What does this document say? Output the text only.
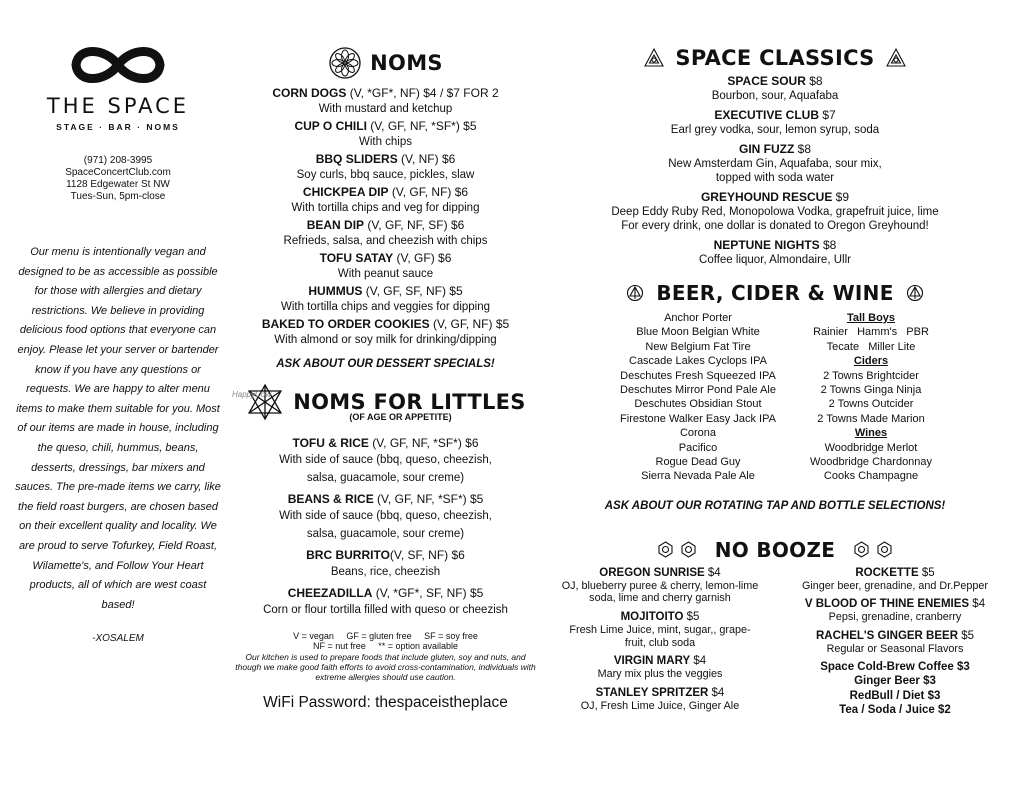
THE SPACE
STAGE · BAR · NOMS
(971) 208-3995
SpaceConcertClub.com
1128 Edgewater St NW
Tues-Sun, 5pm-close
Our menu is intentionally vegan and designed to be as accessible as possible for those with allergies and dietary restrictions. We believe in providing delicious food options that everyone can enjoy. Please let your server or bartender know if you have any questions or requests. We are happy to alter menu items to make them suitable for you. Most of our items are made in house, including the queso, chili, hummus, beans, desserts, dressings, bar mixers and sauces. The pre-made items we carry, like the field roast burgers, are chosen based on their excellent quality and locality. We are proud to serve Tofurkey, Field Roast, Wilamette's, and Follow Your Heart products, all of which are west coast based!
-XOSALEM
NOMS
CORN DOGS (V, *GF*, NF) $4 / $7 FOR 2
With mustard and ketchup
CUP O CHILI (V, GF, NF, *SF*) $5
With chips
BBQ SLIDERS (V, NF) $6
Soy curls, bbq sauce, pickles, slaw
CHICKPEA DIP (V, GF, NF) $6
With tortilla chips and veg for dipping
BEAN DIP (V, GF, NF, SF) $6
Refrieds, salsa, and cheezish with chips
TOFU SATAY (V, GF) $6
With peanut sauce
HUMMUS (V, GF, SF, NF) $5
With tortilla chips and veggies for dipping
BAKED TO ORDER COOKIES (V, GF, NF) $5
With almond or soy milk for drinking/dipping
ASK ABOUT OUR DESSERT SPECIALS!
NOMS FOR LITTLES
(OF AGE OR APPETITE)
TOFU & RICE (V, GF, NF, *SF*) $6
With side of sauce (bbq, queso, cheezish,
salsa, guacamole, sour creme)
BEANS & RICE (V, GF, NF, *SF*) $5
With side of sauce (bbq, queso, cheezish,
salsa, guacamole, sour creme)
BRC BURRITO(V, SF, NF) $6
Beans, rice, cheezish
CHEEZADILLA (V, *GF*, SF, NF) $5
Corn or flour tortilla filled with queso or cheezish
V = vegan     GF = gluten free     SF = soy free
NF = nut free     ** = option available
Our kitchen is used to prepare foods that include gluten, soy and nuts, and though we make good faith efforts to avoid cross-contamination, individuals with extreme allergies should use caution.
WiFi Password: thespaceistheplace
HappyCow
SPACE CLASSICS
SPACE SOUR $8
Bourbon, sour, Aquafaba
EXECUTIVE CLUB $7
Earl grey vodka, sour, lemon syrup, soda
GIN FUZZ $8
New Amsterdam Gin, Aquafaba, sour mix,
topped with soda water
GREYHOUND RESCUE $9
Deep Eddy Ruby Red, Monopolowa Vodka, grapefruit juice, lime
For every drink, one dollar is donated to Oregon Greyhound!
NEPTUNE NIGHTS $8
Coffee liquor, Almondaire, Ullr
BEER, CIDER & WINE
Anchor Porter
Blue Moon Belgian White
New Belgium Fat Tire
Cascade Lakes Cyclops IPA
Deschutes Fresh Squeezed IPA
Deschutes Mirror Pond Pale Ale
Deschutes Obsidian Stout
Firestone Walker Easy Jack IPA
Corona
Pacifico
Rogue Dead Guy
Sierra Nevada Pale Ale
Tall Boys
Rainier   Hamm's   PBR
Tecate   Miller Lite
Ciders
2 Towns Brightcider
2 Towns Ginga Ninja
2 Towns Outcider
2 Towns Made Marion
Wines
Woodbridge Merlot
Woodbridge Chardonnay
Cooks Champagne
ASK ABOUT OUR ROTATING TAP AND BOTTLE SELECTIONS!
NO BOOZE
OREGON SUNRISE $4
OJ, blueberry puree & cherry, lemon-lime
soda, lime and cherry garnish
MOJITOITO $5
Fresh Lime Juice, mint, sugar,, grape-
fruit, club soda
VIRGIN MARY $4
Mary mix plus the veggies
STANLEY SPRITZER $4
OJ, Fresh Lime Juice, Ginger Ale
ROCKETTE $5
Ginger beer, grenadine, and Dr.Pepper
V BLOOD OF THINE ENEMIES $4
Pepsi, grenadine, cranberry
RACHEL'S GINGER BEER $5
Regular or Seasonal Flavors
Space Cold-Brew Coffee $3
Ginger Beer $3
RedBull / Diet $3
Tea / Soda / Juice $2
